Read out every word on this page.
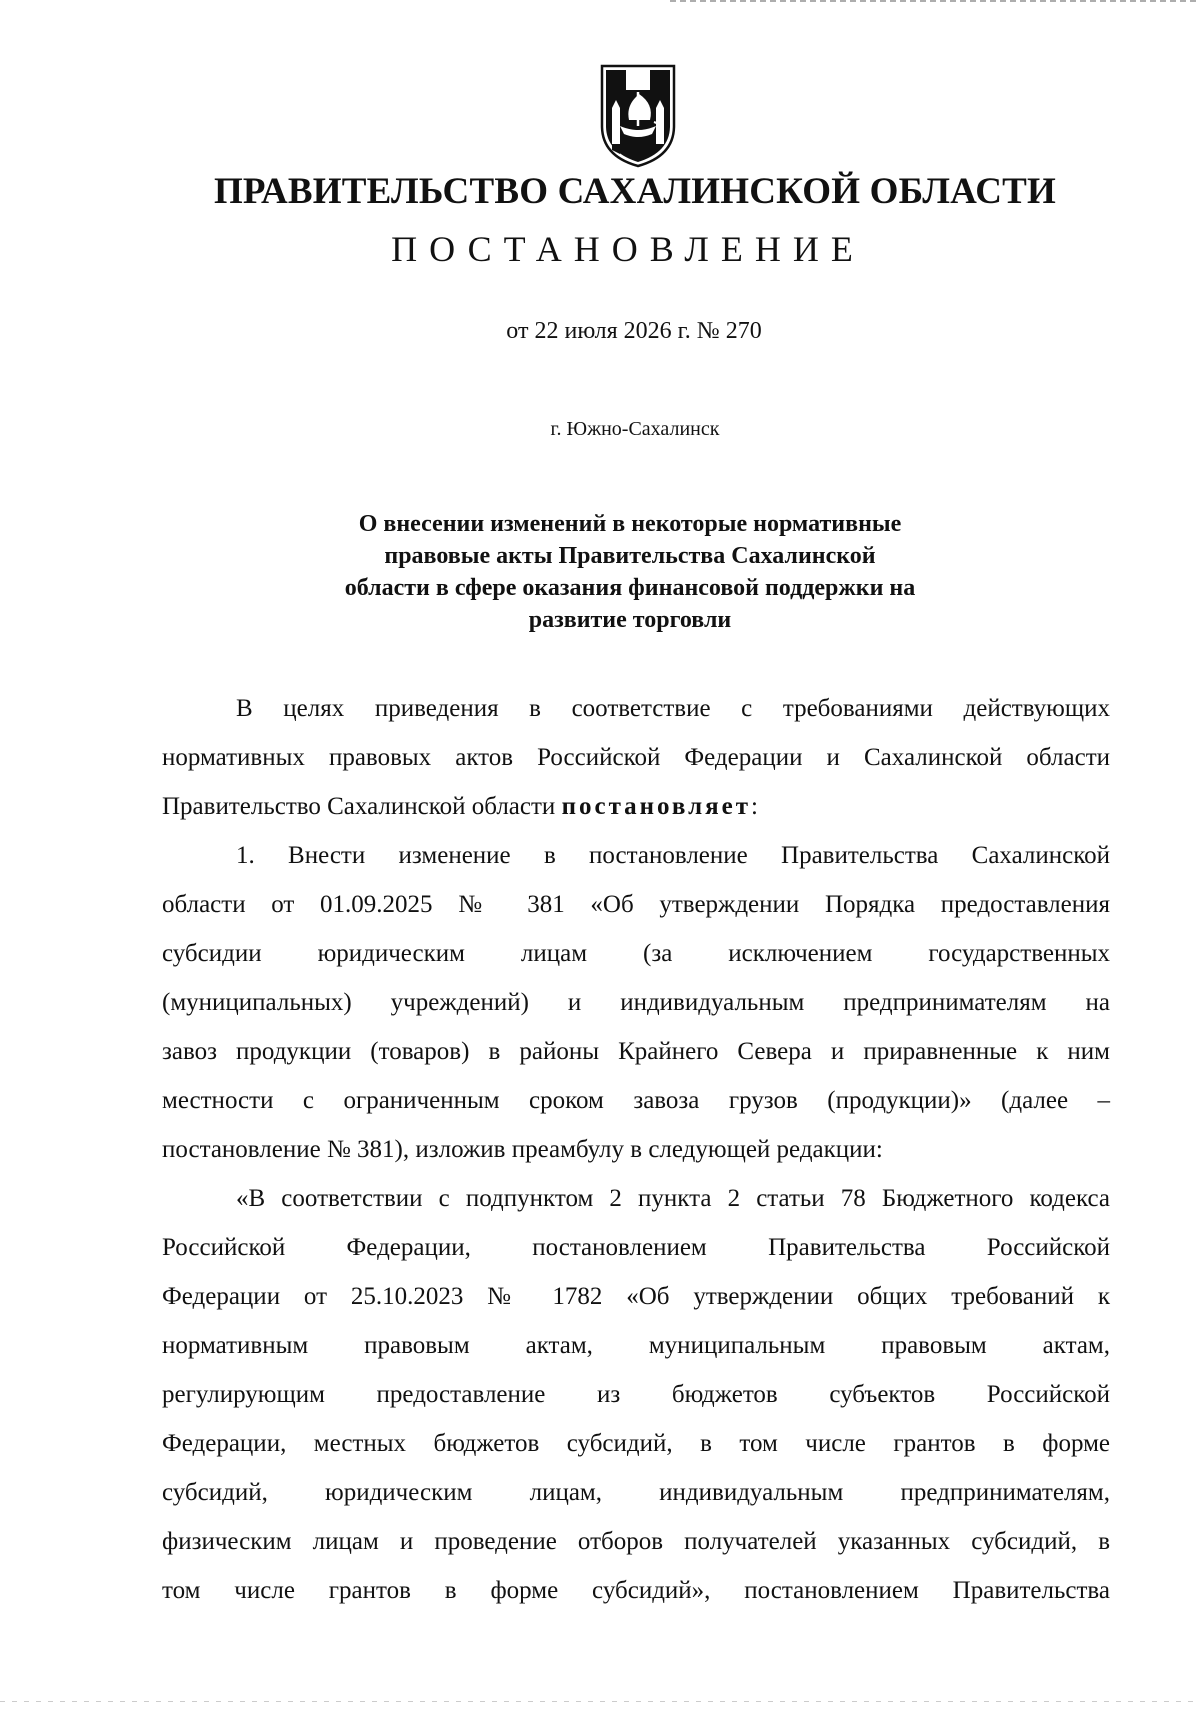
ПРАВИТЕЛЬСТВО САХАЛИНСКОЙ ОБЛАСТИ
ПОСТАНОВЛЕНИЕ
от 22 июля 2026 г. № 270
г. Южно-Сахалинск
О внесении изменений в некоторые нормативные
правовые акты Правительства Сахалинской
области в сфере оказания финансовой поддержки на
развитие торговли
В целях приведения в соответствие с требованиями действующих
нормативных правовых актов Российской Федерации и Сахалинской области
Правительство Сахалинской области постановляет:
1. Внести изменение в постановление Правительства Сахалинской
области от 01.09.2025 № 381 «Об утверждении Порядка предоставления
субсидии юридическим лицам (за исключением государственных
(муниципальных) учреждений) и индивидуальным предпринимателям на
завоз продукции (товаров) в районы Крайнего Севера и приравненные к ним
местности с ограниченным сроком завоза грузов (продукции)» (далее –
постановление № 381), изложив преамбулу в следующей редакции:
«В соответствии с подпунктом 2 пункта 2 статьи 78 Бюджетного кодекса
Российской Федерации, постановлением Правительства Российской
Федерации от 25.10.2023 № 1782 «Об утверждении общих требований к
нормативным правовым актам, муниципальным правовым актам,
регулирующим предоставление из бюджетов субъектов Российской
Федерации, местных бюджетов субсидий, в том числе грантов в форме
субсидий, юридическим лицам, индивидуальным предпринимателям,
физическим лицам и проведение отборов получателей указанных субсидий, в
том числе грантов в форме субсидий», постановлением Правительства
